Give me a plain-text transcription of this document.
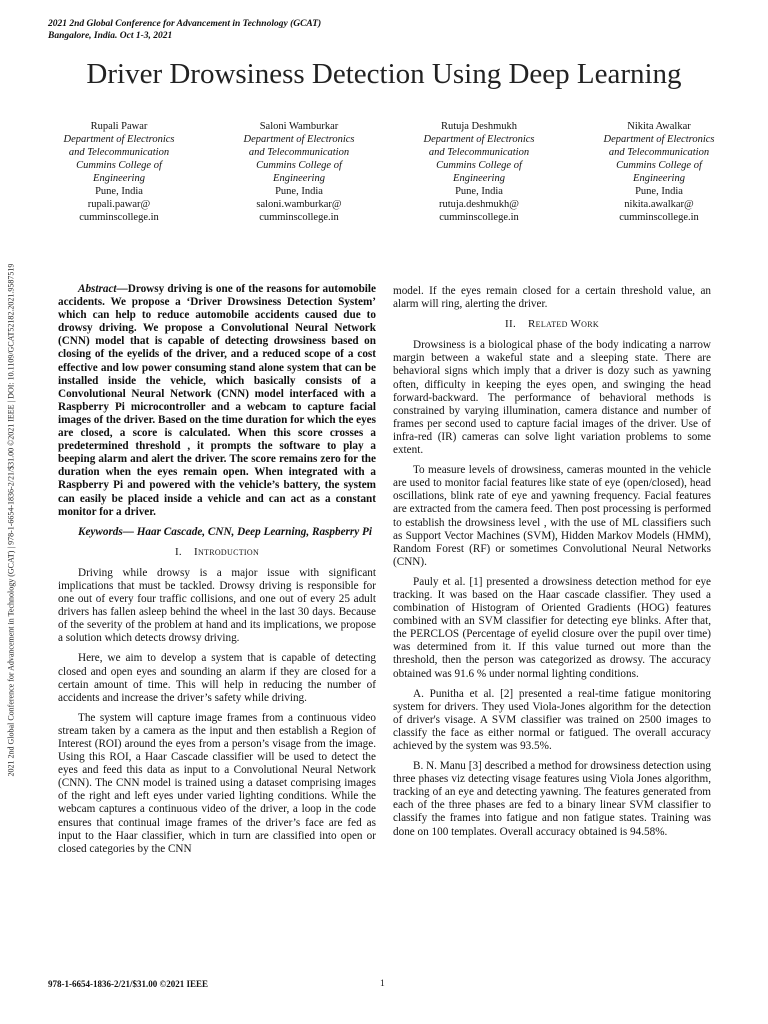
2021 2nd Global Conference for Advancement in Technology (GCAT)
Bangalore, India. Oct 1-3, 2021
Driver Drowsiness Detection Using Deep Learning
Rupali Pawar
Department of Electronics
and Telecommunication
Cummins College of
Engineering
Pune, India
rupali.pawar@
cumminscollege.in
Saloni Wamburkar
Department of Electronics
and Telecommunication
Cummins College of
Engineering
Pune, India
saloni.wamburkar@
cumminscollege.in
Rutuja Deshmukh
Department of Electronics
and Telecommunication
Cummins College of
Engineering
Pune, India
rutuja.deshmukh@
cumminscollege.in
Nikita Awalkar
Department of Electronics
and Telecommunication
Cummins College of
Engineering
Pune, India
nikita.awalkar@
cumminscollege.in
2021 2nd Global Conference for Advancement in Technology (GCAT) | 978-1-6654-1836-2/21/$31.00 ©2021 IEEE | DOI: 10.1109/GCAT52182.2021.9587519	Abstract—Drowsy driving is one of the reasons for automobile accidents. We propose a ‘Driver Drowsiness Detection System’ which can help to reduce automobile accidents caused due to drowsy driving. We propose a Convolutional Neural Network (CNN) model that is capable of detecting drowsiness based on closing of the eyelids of the driver, and a reduced scope of a cost effective and low power consuming stand alone system that can be installed inside the vehicle, which basically consists of a Convolutional Neural Network (CNN) model interfaced with a Raspberry Pi microcontroller and a webcam to capture facial images of the driver. Based on the time duration for which the eyes are closed, a score is calculated. When this score crosses a predetermined threshold , it prompts the software to play a beeping alarm and alert the driver. The score remains zero for the duration when the eyes remain open. When integrated with a Raspberry Pi and powered with the vehicle’s battery, the system can easily be placed inside a vehicle and can act as a constant monitor for a driver.

Keywords— Haar Cascade, CNN, Deep Learning, Raspberry Pi

I. Introduction

Driving while drowsy is a major issue with significant implications that must be tackled. Drowsy driving is responsible for one out of every four traffic collisions, and one out of every 25 adult drivers has fallen asleep behind the wheel in the last 30 days. Because of the severity of the problem at hand and its implications, we propose a solution which detects drowsy driving.

Here, we aim to develop a system that is capable of detecting closed and open eyes and sounding an alarm if they are closed for a certain amount of time. This will help in reducing the number of accidents and increase the driver’s safety while driving.

The system will capture image frames from a continuous video stream taken by a camera as the input and then establish a Region of Interest (ROI) around the eyes from a person’s visage from the image. Using this ROI, a Haar Cascade classifier will be used to detect the eyes and feed this data as input to a Convolutional Neural Network (CNN). The CNN model is trained using a dataset comprising images of the right and left eyes under varied lighting conditions. While the webcam captures a continuous video of the driver, a loop in the code ensures that continual image frames of the driver’s face are fed as input to the Haar classifier, which in turn are classified into open or closed categories by the CNN

model. If the eyes remain closed for a certain threshold value, an alarm will ring, alerting the driver.

II. Related Work

Drowsiness is a biological phase of the body indicating a narrow margin between a wakeful state and a sleeping state. There are behavioral signs which imply that a driver is dozy such as yawning often, difficulty in keeping the eyes open, and swinging the head forward-backward. The performance of behavioral methods is constrained by varying illumination, camera distance and number of frames per second used to capture facial images of the driver. Use of infra-red (IR) cameras can solve light variation problems to some extent.

To measure levels of drowsiness, cameras mounted in the vehicle are used to monitor facial features like state of eye (open/closed), head oscillations, blink rate of eye and yawning frequency. Facial features are extracted from the camera feed. Then post processing is performed to establish the drowsiness level , with the use of ML classifiers such as Support Vector Machines (SVM), Hidden Markov Models (HMM), Random Forest (RF) or sometimes Convolutional Neural Networks (CNN).

Pauly et al. [1] presented a drowsiness detection method for eye tracking. It was based on the Haar cascade classifier. They used a combination of Histogram of Oriented Gradients (HOG) features combined with an SVM classifier for detecting eye blinks. After that, the PERCLOS (Percentage of eyelid closure over the pupil over time) was determined from it. If this value turned out more than the threshold, then the person was categorized as drowsy. The accuracy obtained was 91.6 % under normal lighting conditions.

A. Punitha et al. [2] presented a real-time fatigue monitoring system for drivers. They used Viola-Jones algorithm for the detection of driver's visage. A SVM classifier was trained on 2500 images to classify the face as either normal or fatigued. The overall accuracy achieved by the system was 93.5%.

B. N. Manu [3] described a method for drowsiness detection using three phases viz detecting visage features using Viola Jones algorithm, tracking of an eye and detecting yawning. The features generated from each of the three phases are fed to a binary linear SVM classifier to classify the frames into fatigue and non fatigue states. Training was done on 100 templates. Overall accuracy obtained is 94.58%.

978-1-6654-1836-2/21/$31.00 ©2021 IEEE	1
